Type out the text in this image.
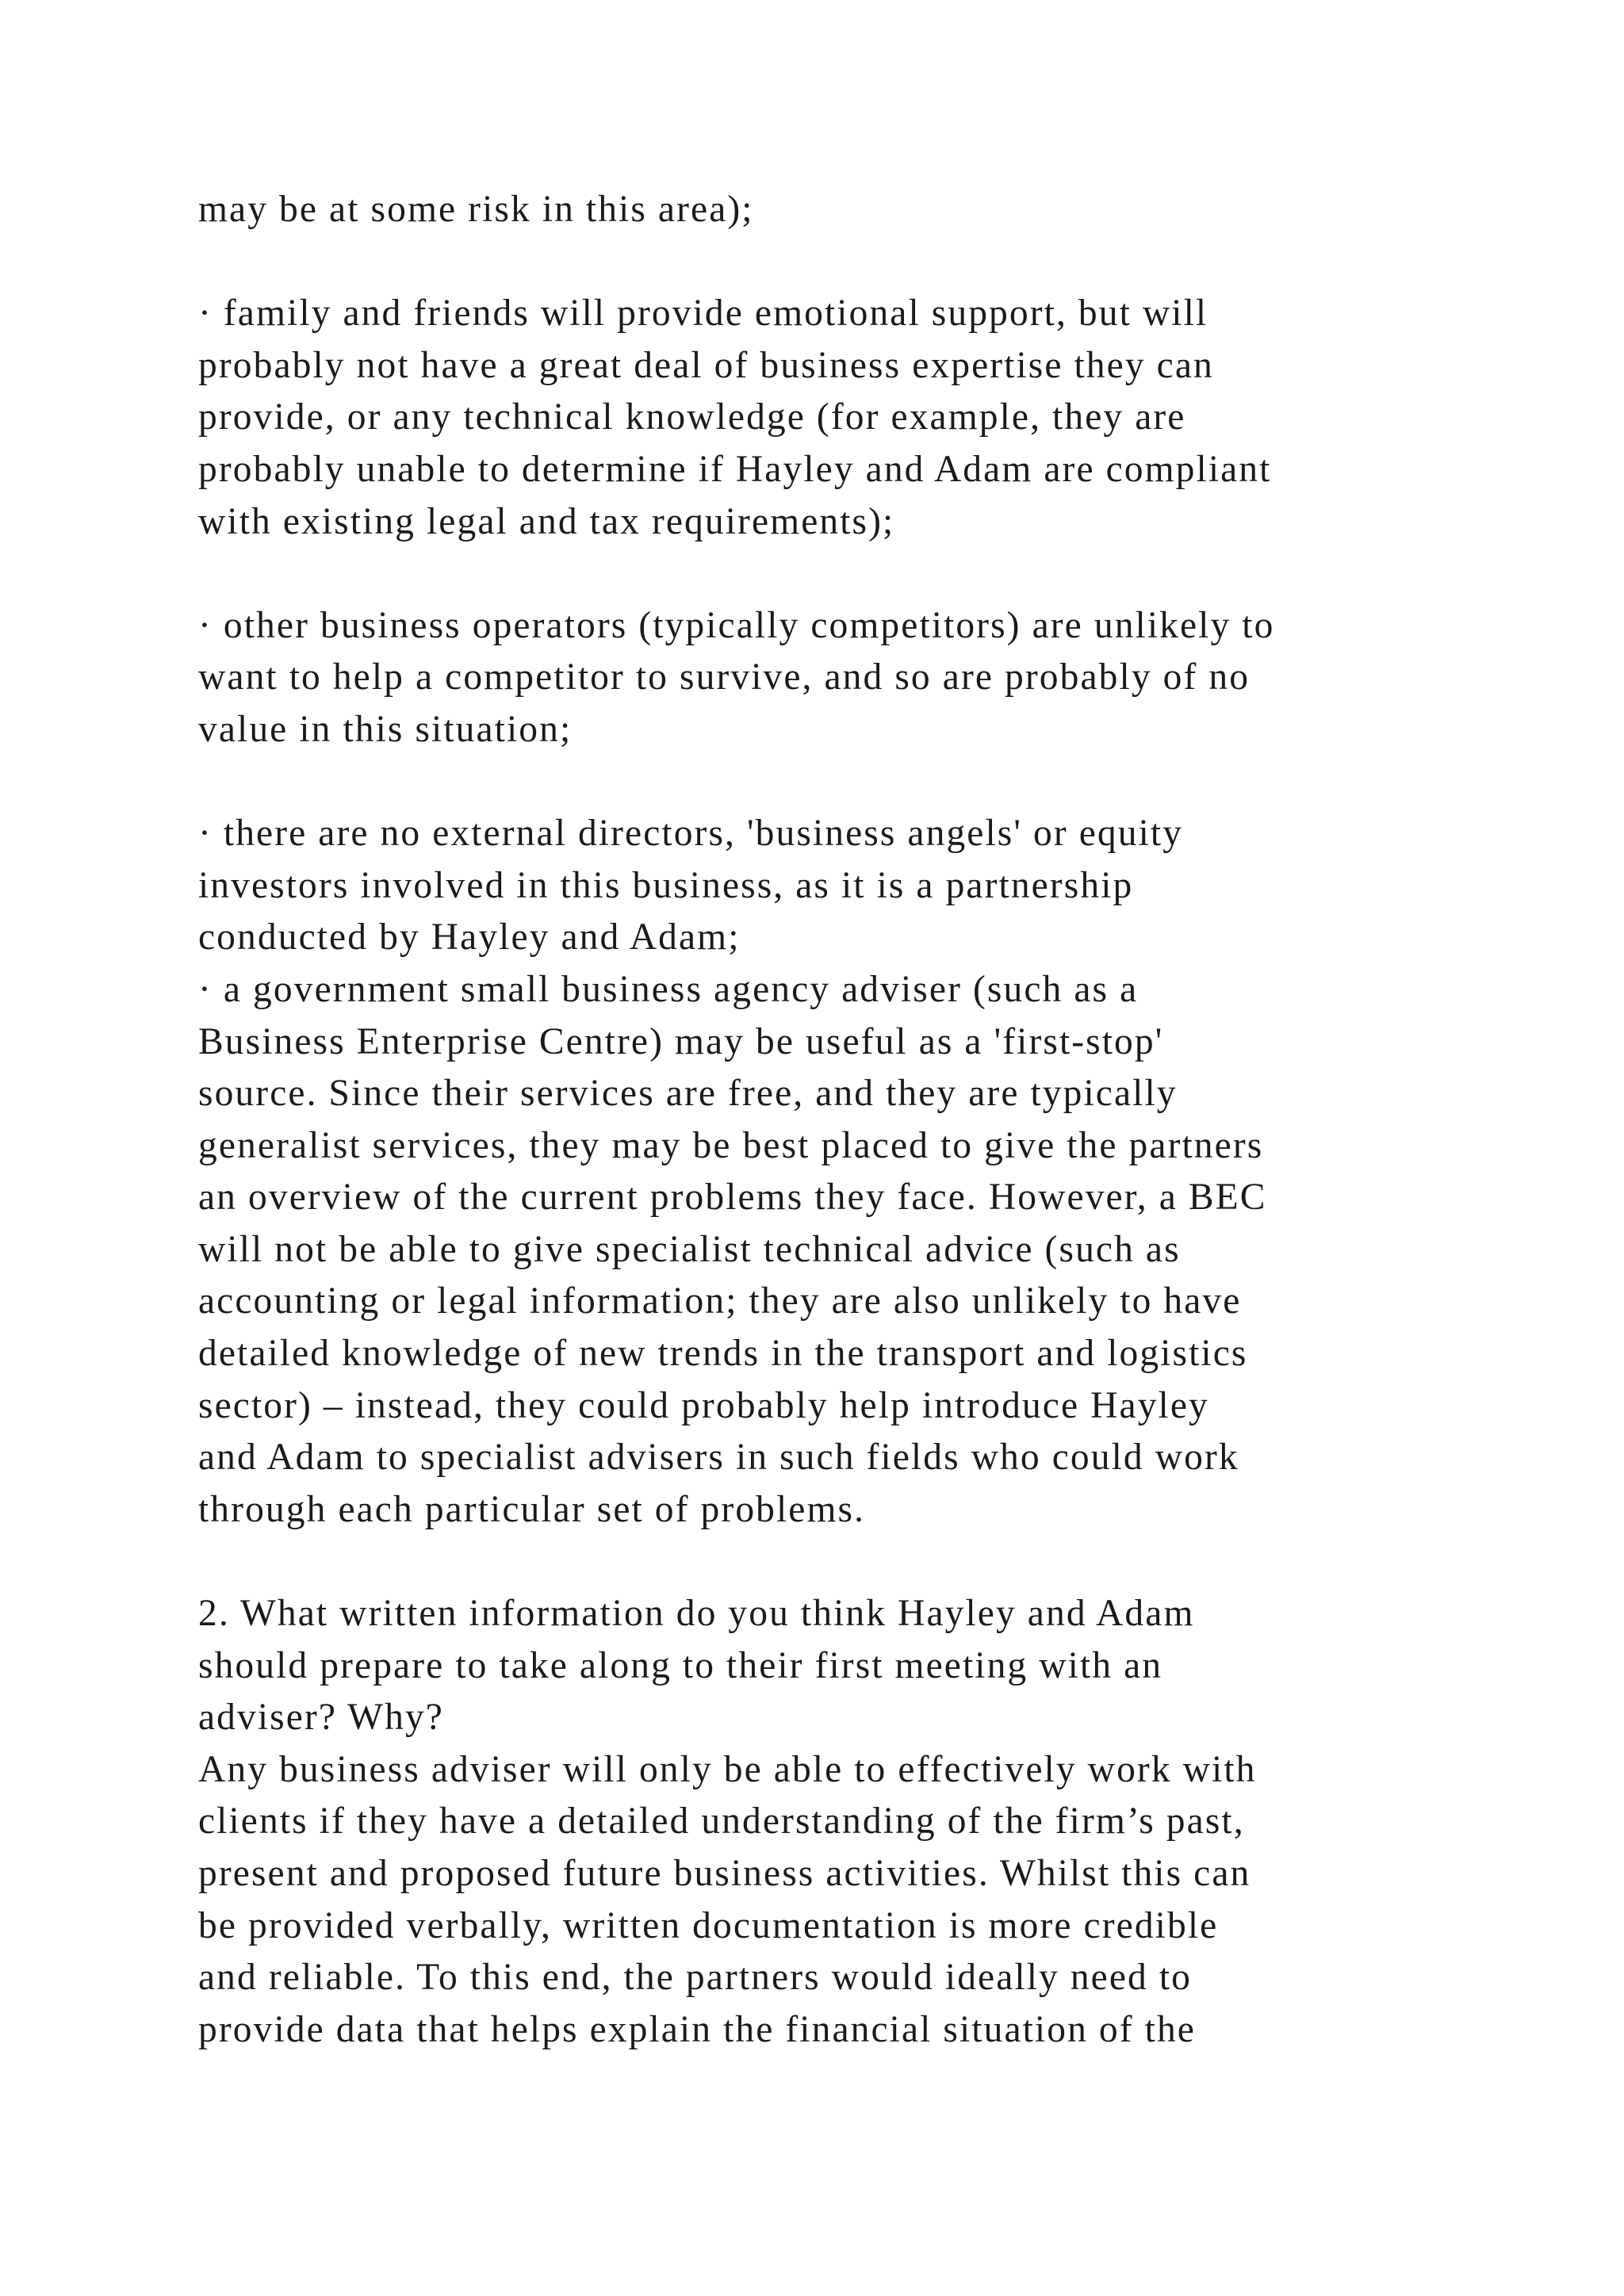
may be at some risk in this area);
· family and friends will provide emotional support, but will
probably not have a great deal of business expertise they can
provide, or any technical knowledge (for example, they are
probably unable to determine if Hayley and Adam are compliant
with existing legal and tax requirements);
· other business operators (typically competitors) are unlikely to
want to help a competitor to survive, and so are probably of no
value in this situation;
· there are no external directors, 'business angels' or equity
investors involved in this business, as it is a partnership
conducted by Hayley and Adam;
· a government small business agency adviser (such as a
Business Enterprise Centre) may be useful as a 'first-stop'
source. Since their services are free, and they are typically
generalist services, they may be best placed to give the partners
an overview of the current problems they face. However, a BEC
will not be able to give specialist technical advice (such as
accounting or legal information; they are also unlikely to have
detailed knowledge of new trends in the transport and logistics
sector) – instead, they could probably help introduce Hayley
and Adam to specialist advisers in such fields who could work
through each particular set of problems.
2. What written information do you think Hayley and Adam
should prepare to take along to their first meeting with an
adviser? Why?
Any business adviser will only be able to effectively work with
clients if they have a detailed understanding of the firm’s past,
present and proposed future business activities. Whilst this can
be provided verbally, written documentation is more credible
and reliable. To this end, the partners would ideally need to
provide data that helps explain the financial situation of the
